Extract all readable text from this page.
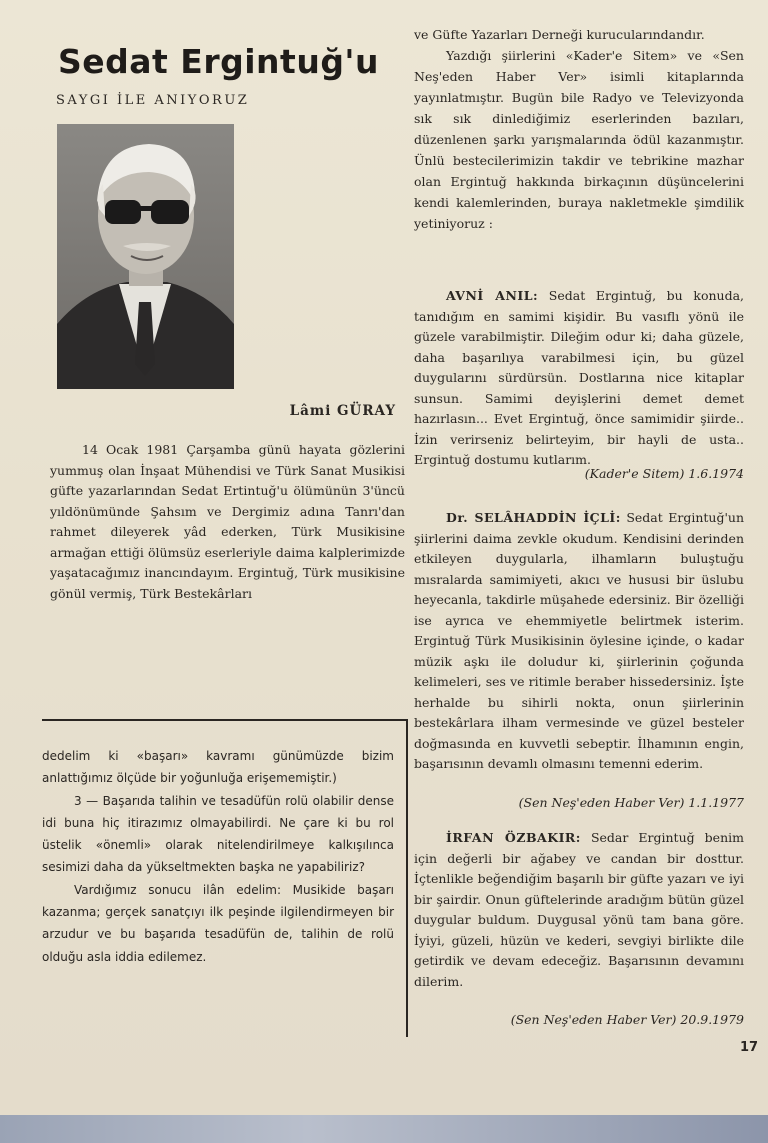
Sedat Ergintuğ'u
SAYGI İLE ANIYORUZ
Lâmi GÜRAY

14 Ocak 1981 Çarşamba günü hayata gözlerini yummuş olan İnşaat Mühendisi ve Türk Sanat Musikisi güfte yazarlarından Sedat Ertintuğ'u ölümünün 3'üncü yıldönümünde Şahsım ve Dergimiz adına Tanrı'dan rahmet dileyerek yâd ederken, Türk Musikisine armağan ettiği ölümsüz eserleriyle daima kalplerimizde yaşatacağımız inancındayım. Ergintuğ, Türk musikisine gönül vermiş, Türk Bestekârları

dedelim ki «başarı» kavramı günümüzde bizim anlattığımız ölçüde bir yoğunluğa erişememiştir.)

3 — Başarıda talihin ve tesadüfün rolü olabilir dense idi buna hiç itirazımız olmayabilirdi. Ne çare ki bu rol üstelik «önemli» olarak nitelendirilmeye kalkışılınca sesimizi daha da yükseltmekten başka ne yapabiliriz?

Vardığımız sonucu ilân edelim: Musikide başarı kazanma; gerçek sanatçıyı ilk peşinde ilgilendirmeyen bir arzudur ve bu başarıda tesadüfün de, talihin de rolü olduğu asla iddia edilemez.

ve Güfte Yazarları Derneği kurucularındandır.

Yazdığı şiirlerini «Kader'e Sitem» ve «Sen Neş'eden Haber Ver» isimli kitaplarında yayınlatmıştır. Bugün bile Radyo ve Televizyonda sık sık dinlediğimiz eserlerinden bazıları, düzenlenen şarkı yarışmalarında ödül kazanmıştır. Ünlü bestecilerimizin takdir ve tebrikine mazhar olan Ergintuğ hakkında birkaçının düşüncelerini kendi kalemlerinden, buraya nakletmekle şimdilik yetiniyoruz :

AVNİ ANIL: Sedat Ergintuğ, bu konuda, tanıdığım en samimi kişidir. Bu vasıflı yönü ile güzele varabilmiştir. Dileğim odur ki; daha güzele, daha başarılıya varabilmesi için, bu güzel duygularını sürdürsün. Dostlarına nice kitaplar sunsun. Samimi deyişlerini demet demet hazırlasın... Evet Ergintuğ, önce samimidir şiirde.. İzin verirseniz belirteyim, bir hayli de usta.. Ergintuğ dostumu kutlarım.

(Kader'e Sitem) 1.6.1974

Dr. SELÂHADDİN İÇLİ: Sedat Ergintuğ'un şiirlerini daima zevkle okudum. Kendisini derinden etkileyen duygularla, ilhamların buluştuğu mısralarda samimiyeti, akıcı ve hususi bir üslubu heyecanla, takdirle müşahede edersiniz. Bir özelliği ise ayrıca ve ehemmiyetle belirtmek isterim. Ergintuğ Türk Musikisinin öylesine içinde, o kadar müzik aşkı ile doludur ki, şiirlerinin çoğunda kelimeleri, ses ve ritimle beraber hissedersiniz. İşte herhalde bu sihirli nokta, onun şiirlerinin bestekârlara ilham vermesinde ve güzel besteler doğmasında en kuvvetli sebeptir. İlhamının engin, başarısının devamlı olmasını temenni ederim.

(Sen Neş'eden Haber Ver) 1.1.1977

İRFAN ÖZBAKIR: Sedar Ergintuğ benim için değerli bir ağabey ve candan bir dosttur. İçtenlikle beğendiğim başarılı bir güfte yazarı ve iyi bir şairdir. Onun güftelerinde aradığım bütün güzel duygular buldum. Duygusal yönü tam bana göre. İyiyi, güzeli, hüzün ve kederi, sevgiyi birlikte dile getirdik ve devam edeceğiz. Başarısının devamını dilerim.

(Sen Neş'eden Haber Ver) 20.9.1979
17
